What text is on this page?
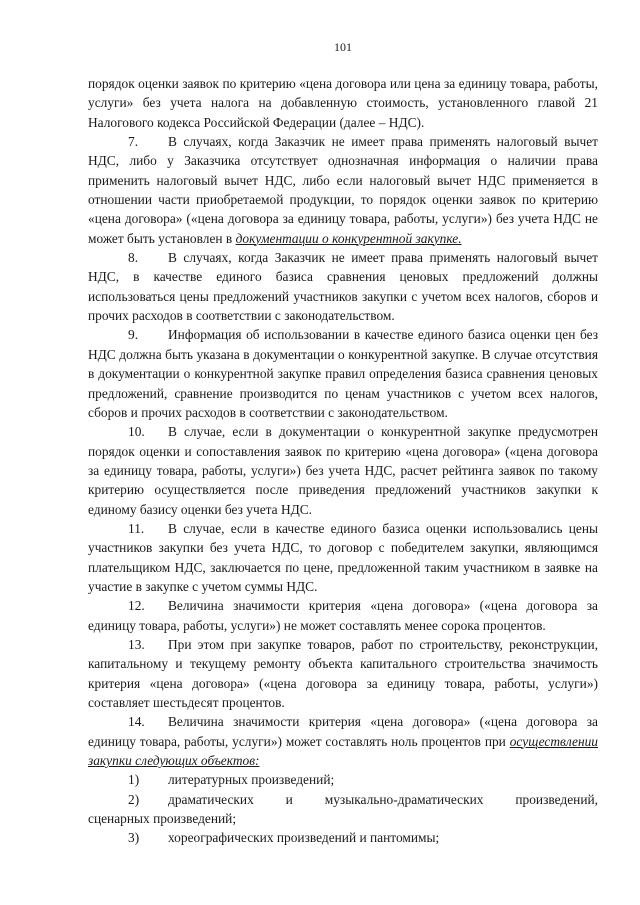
101

порядок оценки заявок по критерию «цена договора или цена за единицу товара, работы, услуги» без учета налога на добавленную стоимость, установленного главой 21 Налогового кодекса Российской Федерации (далее – НДС).

7. В случаях, когда Заказчик не имеет права применять налоговый вычет НДС, либо у Заказчика отсутствует однозначная информация о наличии права применить налоговый вычет НДС, либо если налоговый вычет НДС применяется в отношении части приобретаемой продукции, то порядок оценки заявок по критерию «цена договора» («цена договора за единицу товара, работы, услуги») без учета НДС не может быть установлен в документации о конкурентной закупке.

8. В случаях, когда Заказчик не имеет права применять налоговый вычет НДС, в качестве единого базиса сравнения ценовых предложений должны использоваться цены предложений участников закупки с учетом всех налогов, сборов и прочих расходов в соответствии с законодательством.

9. Информация об использовании в качестве единого базиса оценки цен без НДС должна быть указана в документации о конкурентной закупке. В случае отсутствия в документации о конкурентной закупке правил определения базиса сравнения ценовых предложений, сравнение производится по ценам участников с учетом всех налогов, сборов и прочих расходов в соответствии с законодательством.

10. В случае, если в документации о конкурентной закупке предусмотрен порядок оценки и сопоставления заявок по критерию «цена договора» («цена договора за единицу товара, работы, услуги») без учета НДС, расчет рейтинга заявок по такому критерию осуществляется после приведения предложений участников закупки к единому базису оценки без учета НДС.

11. В случае, если в качестве единого базиса оценки использовались цены участников закупки без учета НДС, то договор с победителем закупки, являющимся плательщиком НДС, заключается по цене, предложенной таким участником в заявке на участие в закупке с учетом суммы НДС.

12. Величина значимости критерия «цена договора» («цена договора за единицу товара, работы, услуги») не может составлять менее сорока процентов.

13. При этом при закупке товаров, работ по строительству, реконструкции, капитальному и текущему ремонту объекта капитального строительства значимость критерия «цена договора» («цена договора за единицу товара, работы, услуги») составляет шестьдесят процентов.

14. Величина значимости критерия «цена договора» («цена договора за единицу товара, работы, услуги») может составлять ноль процентов при осуществлении закупки следующих объектов:

1)	литературных произведений;
2)	драматических и музыкально-драматических произведений,

сценарных произведений;

3)	хореографических произведений и пантомимы;
